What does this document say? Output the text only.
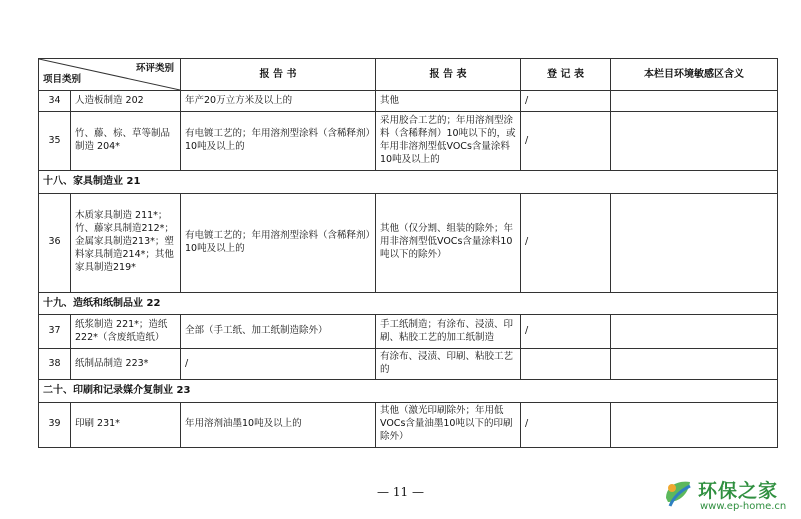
环评类别
项目类别		报 告 书	报 告 表	登 记 表	本栏目环境敏感区含义
34	人造板制造 202	年产20万立方米及以上的	其他	/	
35	竹、藤、棕、草等制品制造 204*	有电镀工艺的；年用溶剂型涂料（含稀释剂）10吨及以上的	采用胶合工艺的；年用溶剂型涂料（含稀释剂）10吨以下的，或年用非溶剂型低VOCs含量涂料10吨及以上的	/	
十八、家具制造业 21					
36	木质家具制造 211*；竹、藤家具制造212*；金属家具制造213*；塑料家具制造214*；其他家具制造219*	有电镀工艺的；年用溶剂型涂料（含稀释剂）10吨及以上的	其他（仅分割、组装的除外；年用非溶剂型低VOCs含量涂料10吨以下的除外）	/	
十九、造纸和纸制品业 22					
37	纸浆制造 221*；造纸222*（含废纸造纸）	全部（手工纸、加工纸制造除外）	手工纸制造；有涂布、浸渍、印刷、粘胶工艺的加工纸制造	/	
38	纸制品制造 223*	/	有涂布、浸渍、印刷、粘胶工艺的		
二十、印刷和记录媒介复制业 23					
39	印刷 231*	年用溶剂油墨10吨及以上的	其他（激光印刷除外；年用低VOCs含量油墨10吨以下的印刷除外）	/	
— 11 —	环保之家
www.ep-home.cn
